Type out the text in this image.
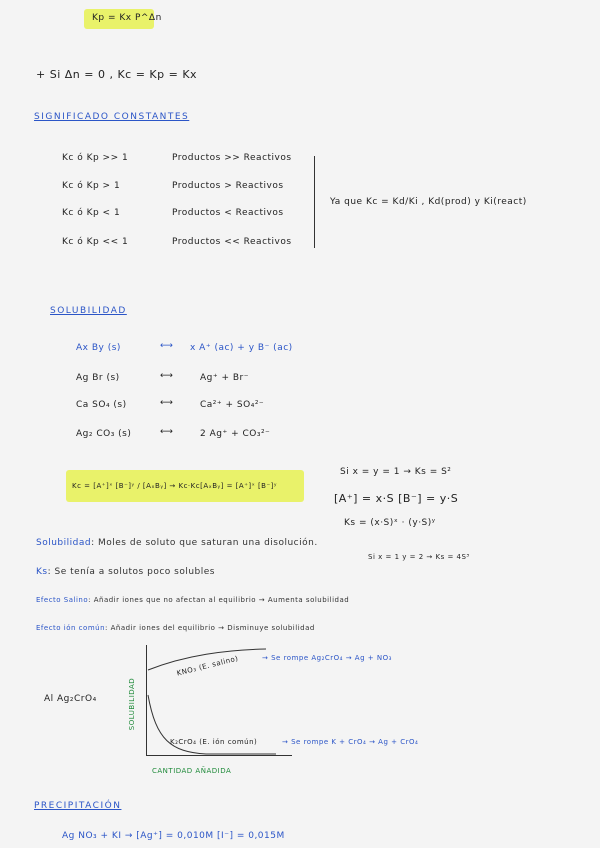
Kp = Kx P^Δn
+ Si Δn = 0 , Kc = Kp = Kx
SIGNIFICADO CONSTANTES
Kc ó Kp >> 1	Productos >> Reactivos
Kc ó Kp > 1	Productos > Reactivos
Kc ó Kp < 1	Productos < Reactivos
Kc ó Kp << 1	Productos << Reactivos
Ya que Kc = Kd/Ki , Kd(prod) y Ki(react)
SOLUBILIDAD
Ax By (s)	⟷ x A⁺ (ac) + y B⁻ (ac)
Ag Br (s)	⟷	Ag⁺ + Br⁻
Ca SO₄ (s)	⟷	Ca²⁺ + SO₄²⁻
Ag₂ CO₃ (s)	⟷	2 Ag⁺ + CO₃²⁻
Kc = [A⁺]ˣ [B⁻]ʸ / [AₓBᵧ] → Kc·Kc[AₓBᵧ] = [A⁺]ˣ [B⁻]ʸ
Si x = y = 1 → Ks = S²
[A⁺] = x·S [B⁻] = y·S
Ks = (x·S)ˣ · (y·S)ʸ
Si x = 1 y = 2 → Ks = 4S³
Solubilidad: Moles de soluto que saturan una disolución.
Ks: Se tenía a solutos poco solubles
Efecto Salino: Añadir iones que no afectan al equilibrio → Aumenta solubilidad
Efecto ión común: Añadir iones del equilibrio → Disminuye solubilidad
Al Ag₂CrO₄	SOLUBILIDAD
CANTIDAD AÑADIDA
KNO₃ (E. salino)	→ Se rompe Ag₂CrO₄ → Ag + NO₃
K₂CrO₄ (E. ión común)	→ Se rompe K + CrO₄ → Ag + CrO₄
PRECIPITACIÓN
Ag NO₃ + KI → [Ag⁺] = 0,010M [I⁻] = 0,015M
